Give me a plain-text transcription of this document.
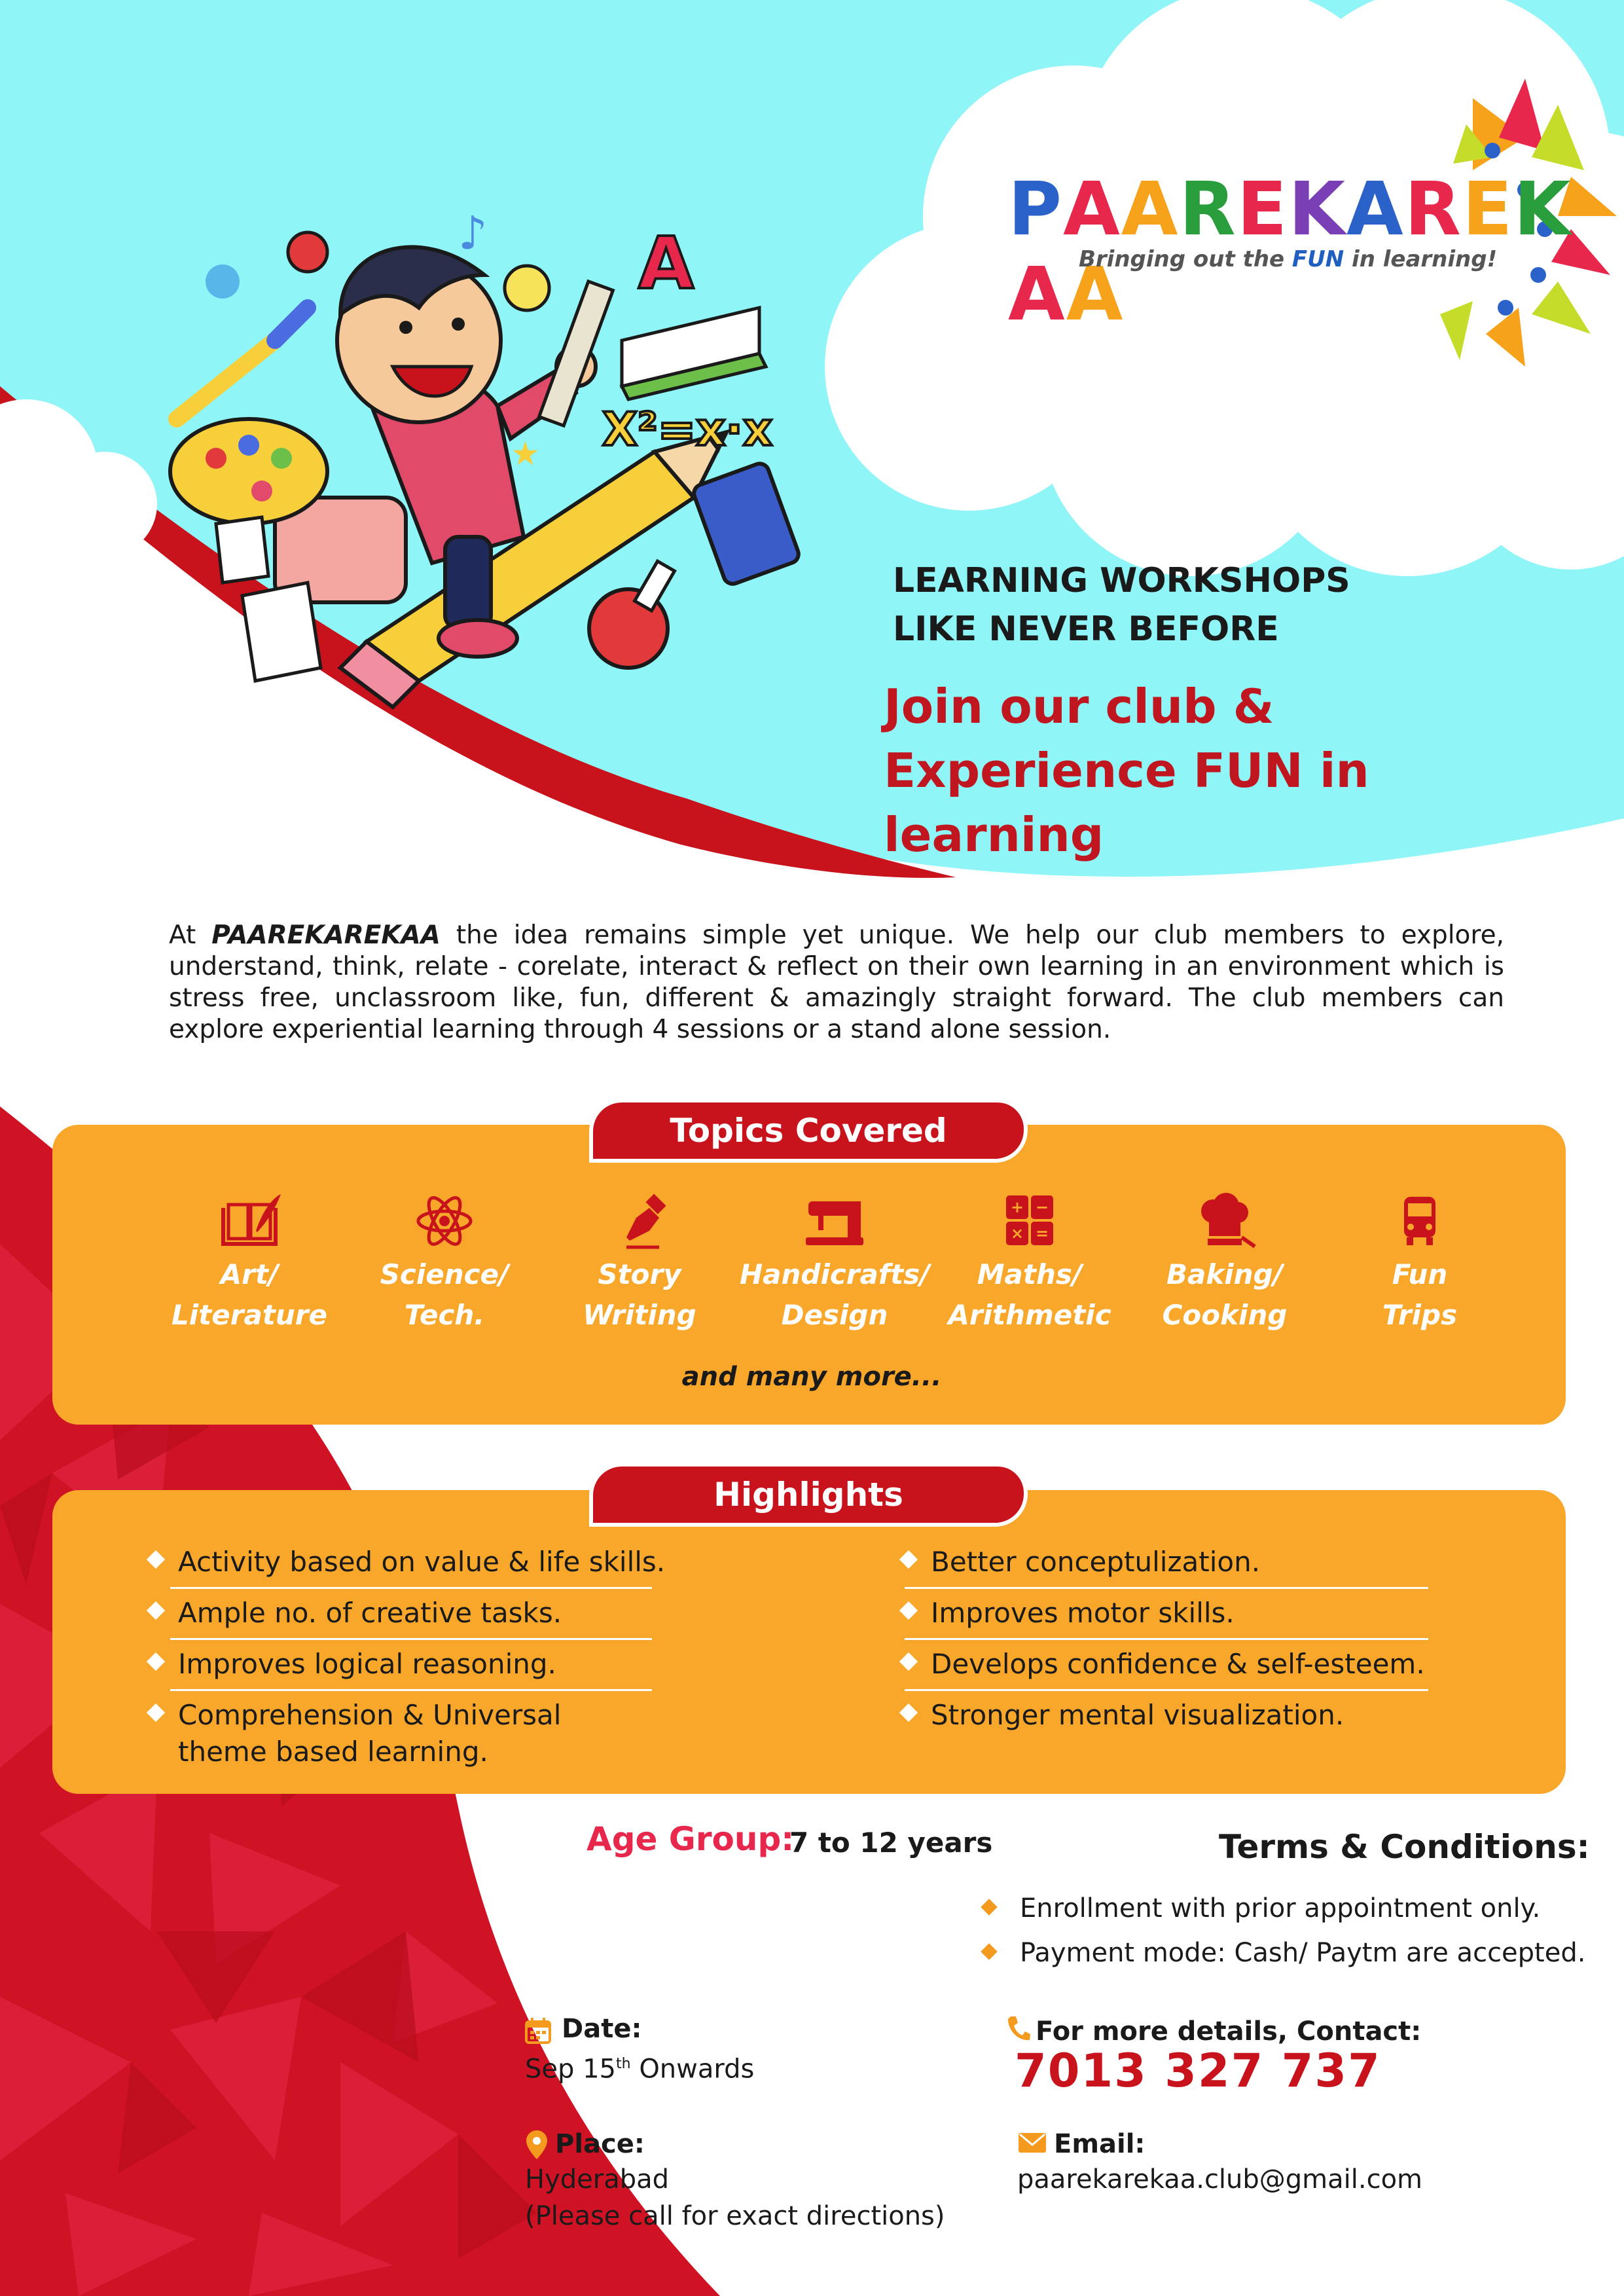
A
♪
X²=x·x
★
PAAREKAREKAA
Bringing out the FUN in learning!
LEARNING WORKSHOPS
LIKE NEVER BEFORE
Join our club &
Experience FUN in learning
At PAAREKAREKAA the idea remains simple yet unique. We help our club members to explore, understand, think, relate - corelate, interact & reflect on their own learning in an environment which is stress free, unclassroom like, fun, different & amazingly straight forward. The club members can explore experiential learning through 4 sessions or a stand alone session.
Topics Covered
Art/
Literature
Science/
Tech.
Story
Writing
Handicrafts/
Design
+ −
× =
Maths/
Arithmetic
Baking/
Cooking
Fun
Trips
and many more...
Highlights
Activity based on value & life skills.
Ample no. of creative tasks.
Improves logical reasoning.
Comprehension & Universal
theme based learning.
Better conceptulization.
Improves motor skills.
Develops confidence & self-esteem.
Stronger mental visualization.
Age Group:
7 to 12 years	Terms & Conditions:
Enrollment with prior appointment only.
Payment mode: Cash/ Paytm are accepted.
Date:
Sep 15th Onwards
Place:
Hyderabad
(Please call for exact directions)
For more details, Contact:
7013 327 737
Email:
paarekarekaa.club@gmail.com
